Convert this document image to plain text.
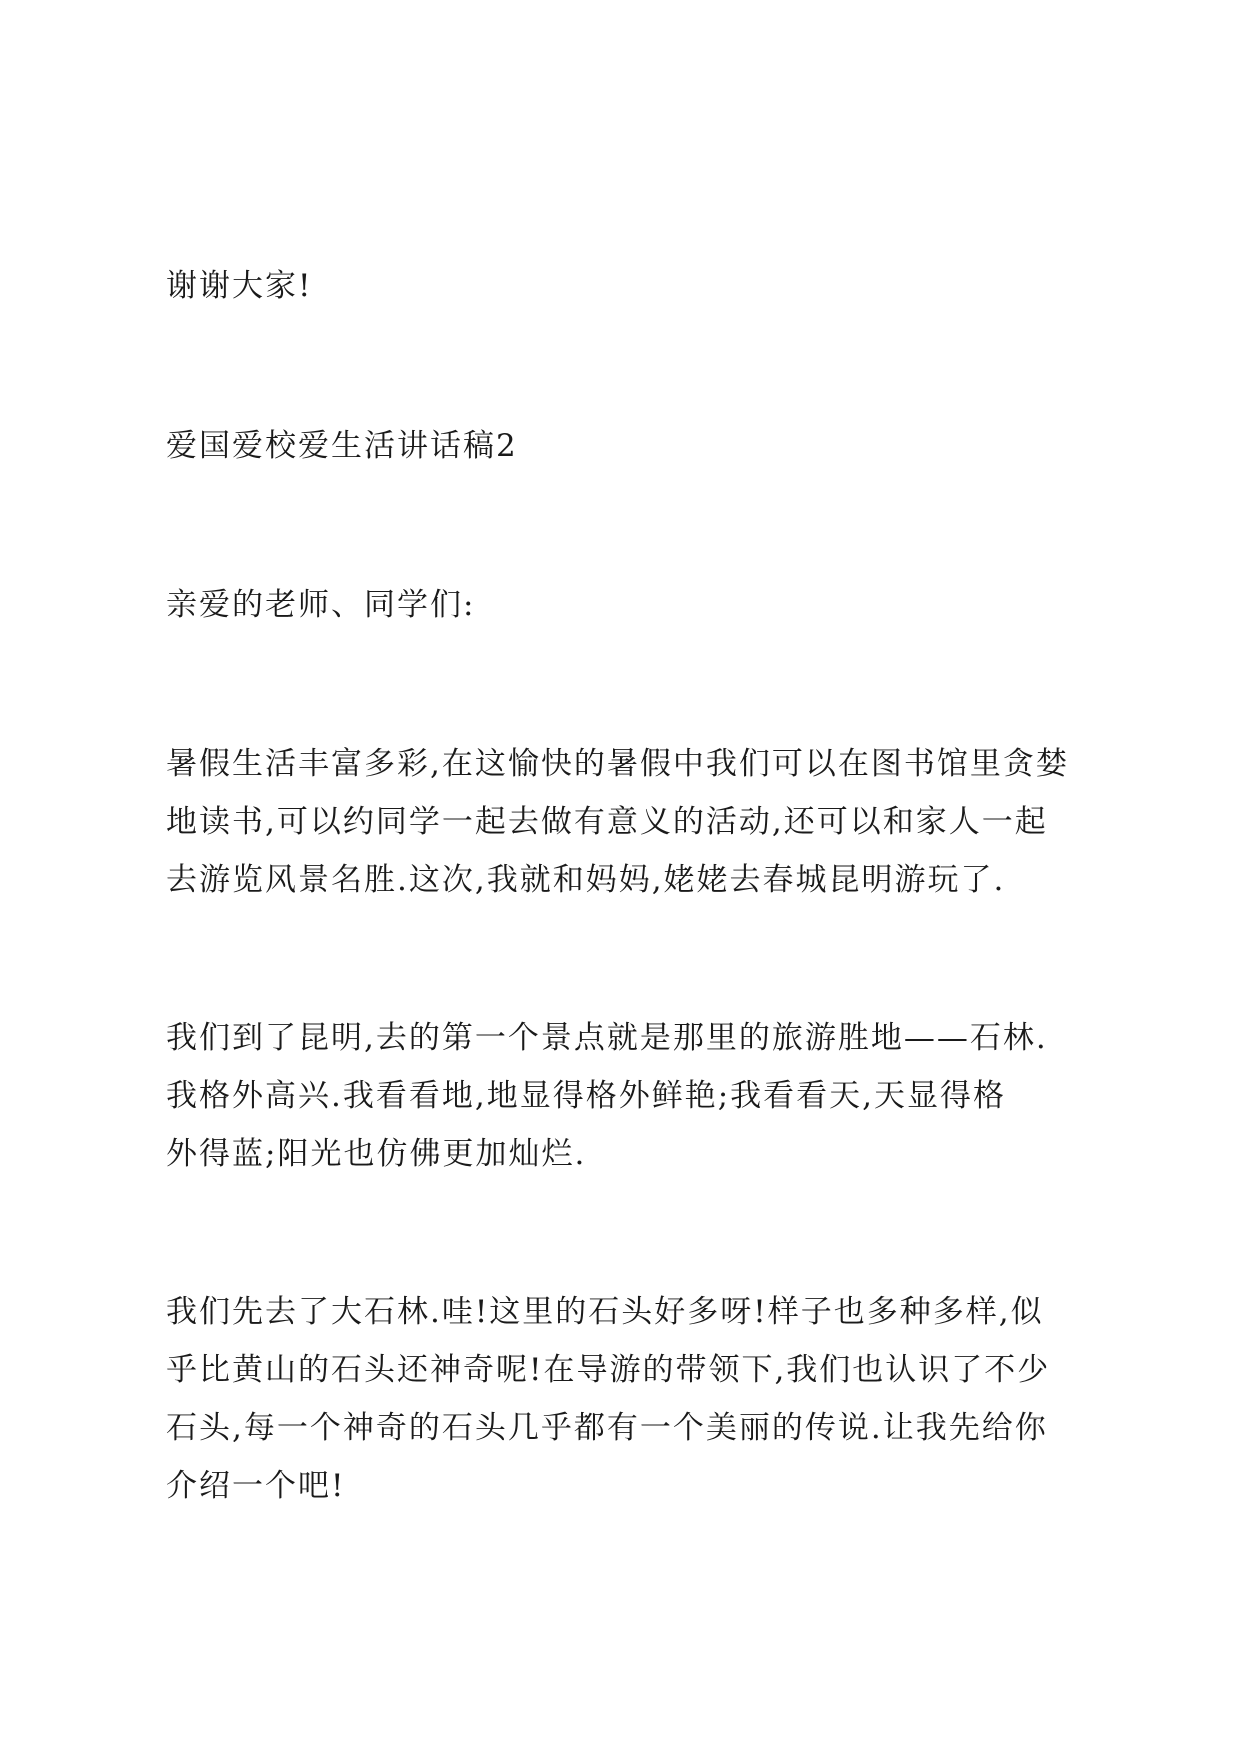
谢谢大家!

爱国爱校爱生活讲话稿2

亲爱的老师、同学们:

暑假生活丰富多彩,在这愉快的暑假中我们可以在图书馆里贪婪
地读书,可以约同学一起去做有意义的活动,还可以和家人一起
去游览风景名胜.这次,我就和妈妈,姥姥去春城昆明游玩了.

我们到了昆明,去的第一个景点就是那里的旅游胜地——石林.
我格外高兴.我看看地,地显得格外鲜艳;我看看天,天显得格
外得蓝;阳光也仿佛更加灿烂.

我们先去了大石林.哇!这里的石头好多呀!样子也多种多样,似
乎比黄山的石头还神奇呢!在导游的带领下,我们也认识了不少
石头,每一个神奇的石头几乎都有一个美丽的传说.让我先给你
介绍一个吧!
